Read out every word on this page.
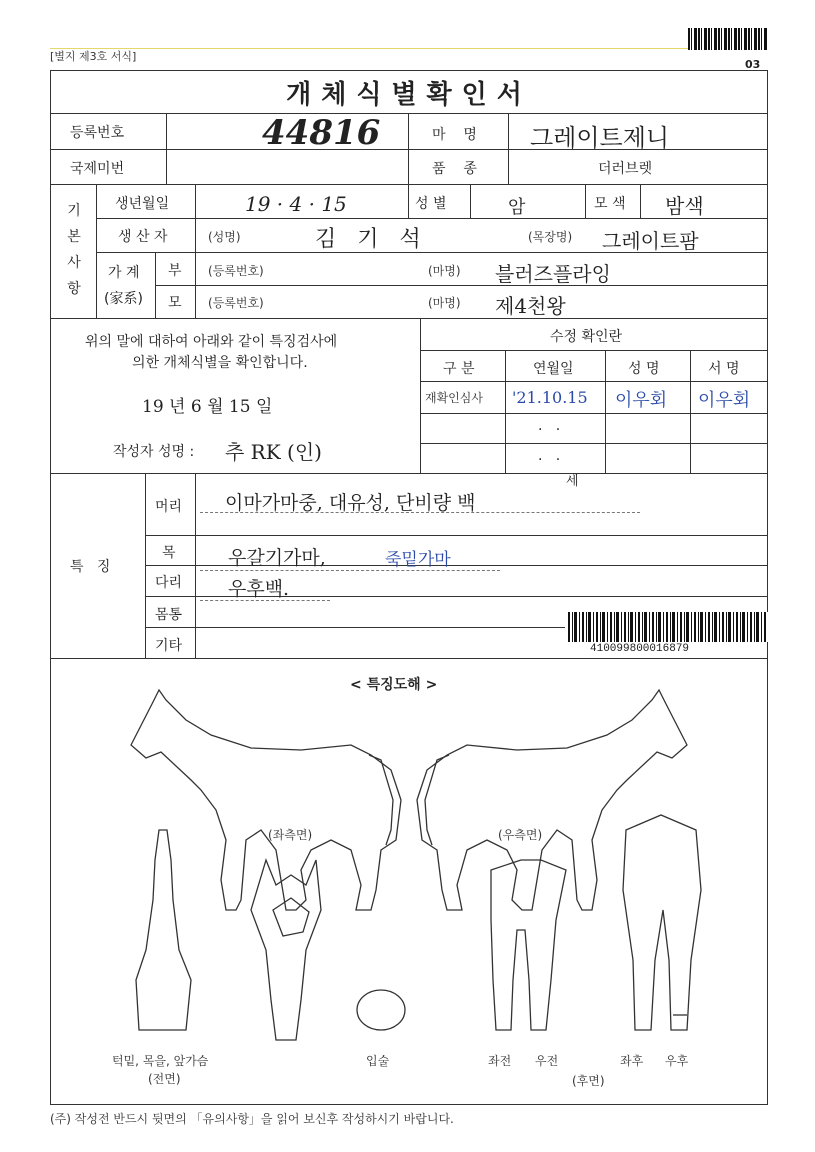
[별지 제3호 서식]
03
개체식별확인서
등록번호	44816
국제미번
마    명 그레이트제니
품    종	더러브렛
기
본
사
항
생년월일	19 · 4 · 15	성 별	암	모 색 밤색
생 산 자	(성명)	김   기   석	(목장명) 그레이트팜
가 계
(家系)
부 (등록번호)	(마명) 블러즈플라잉
모 (등록번호)	(마명) 제4천왕
위의 말에 대하여 아래와 같이 특징검사에
의한 개체식별을 확인합니다.
19 년 6 월 15 일
작성자 성명 : 추 RK (인)
수정 확인란
구 분	연월일	성 명	서 명
재확인심사 '21.10.15 이우회 이우회
·   ·
·   ·
특   징
머리 이마가마중, 대유성, 단비량 백
세
목	우갈기가마,	죽밑가마
다리 우후백.
몸통
기타	410099800016879
< 특징도해 >
(좌측면)	(우측면)
턱밑, 목을, 앞가슴
(전면)
입술	좌전 우전	좌후 우후
(후면)
(주) 작성전 반드시 뒷면의 「유의사항」을 읽어 보신후 작성하시기 바랍니다.
